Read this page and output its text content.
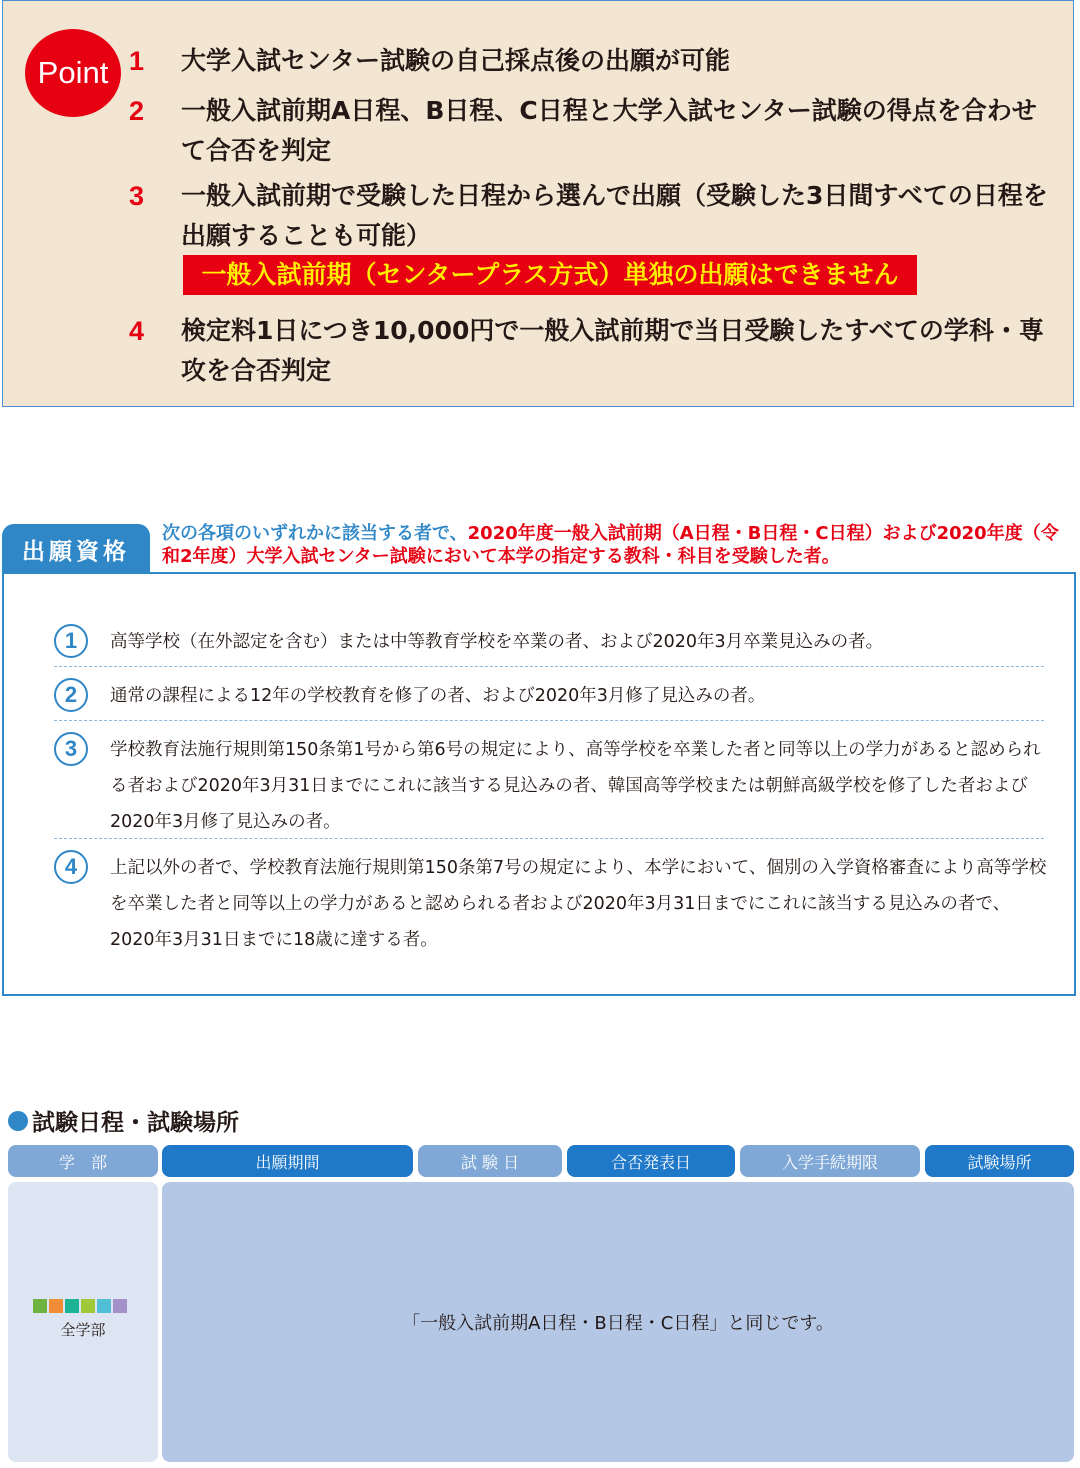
Point 1 大学入試センター試験の自己採点後の出願が可能
2 一般入試前期A日程、B日程、C日程と大学入試センター試験の得点を合わせて合否を判定
3 一般入試前期で受験した日程から選んで出願（受験した3日間すべての日程を出願することも可能）
一般入試前期（センタープラス方式）単独の出願はできません
4 検定料1日につき10,000円で一般入試前期で当日受験したすべての学科・専攻を合否判定
出願資格
次の各項のいずれかに該当する者で、2020年度一般入試前期（A日程・B日程・C日程）および2020年度（令和2年度）大学入試センター試験において本学の指定する教科・科目を受験した者。
1	高等学校（在外認定を含む）または中等教育学校を卒業の者、および2020年3月卒業見込みの者。
2	通常の課程による12年の学校教育を修了の者、および2020年3月修了見込みの者。
3	学校教育法施行規則第150条第1号から第6号の規定により、高等学校を卒業した者と同等以上の学力があると認められる者および2020年3月31日までにこれに該当する見込みの者、韓国高等学校または朝鮮高級学校を修了した者および2020年3月修了見込みの者。
4	上記以外の者で、学校教育法施行規則第150条第7号の規定により、本学において、個別の入学資格審査により高等学校を卒業した者と同等以上の学力があると認められる者および2020年3月31日までにこれに該当する見込みの者で、2020年3月31日までに18歳に達する者。
試験日程・試験場所
学　部	出願期間	試 験 日	合否発表日	入学手続期限	試験場所
全学部	「一般入試前期A日程・B日程・C日程」と同じです。
